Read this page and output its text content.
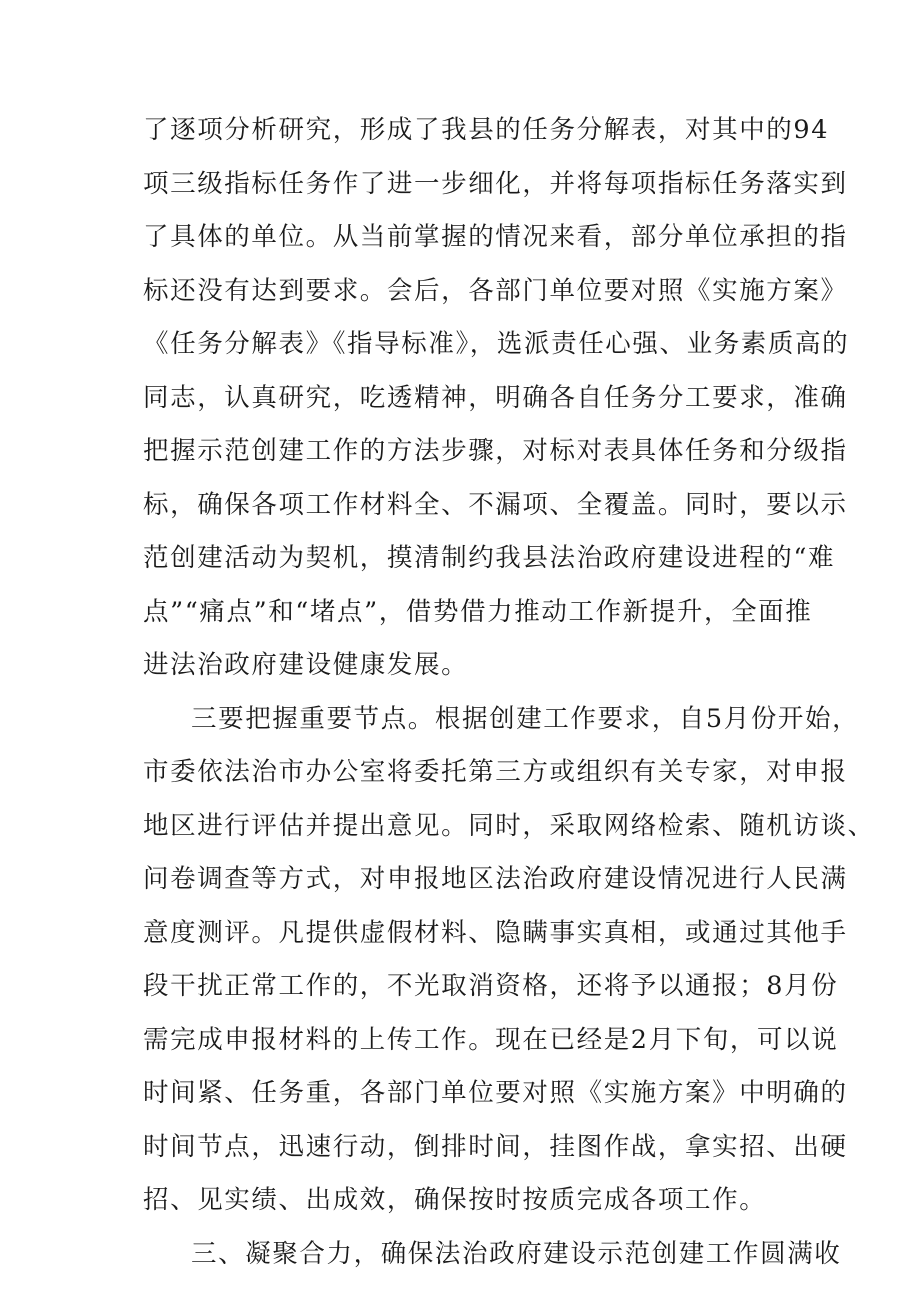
了逐项分析研究，形成了我县的任务分解表，对其中的94
项三级指标任务作了进一步细化，并将每项指标任务落实到
了具体的单位。从当前掌握的情况来看，部分单位承担的指
标还没有达到要求。会后，各部门单位要对照《实施方案》
《任务分解表》《指导标准》，选派责任心强、业务素质高的
同志，认真研究，吃透精神，明确各自任务分工要求，准确
把握示范创建工作的方法步骤，对标对表具体任务和分级指
标，确保各项工作材料全、不漏项、全覆盖。同时，要以示
范创建活动为契机，摸清制约我县法治政府建设进程的“难
点”“痛点”和“堵点”，借势借力推动工作新提升，全面推
进法治政府建设健康发展。
三要把握重要节点。根据创建工作要求，自5月份开始，
市委依法治市办公室将委托第三方或组织有关专家，对申报
地区进行评估并提出意见。同时，采取网络检索、随机访谈、
问卷调查等方式，对申报地区法治政府建设情况进行人民满
意度测评。凡提供虚假材料、隐瞒事实真相，或通过其他手
段干扰正常工作的，不光取消资格，还将予以通报；8月份
需完成申报材料的上传工作。现在已经是2月下旬，可以说
时间紧、任务重，各部门单位要对照《实施方案》中明确的
时间节点，迅速行动，倒排时间，挂图作战，拿实招、出硬
招、见实绩、出成效，确保按时按质完成各项工作。
三、凝聚合力，确保法治政府建设示范创建工作圆满收
